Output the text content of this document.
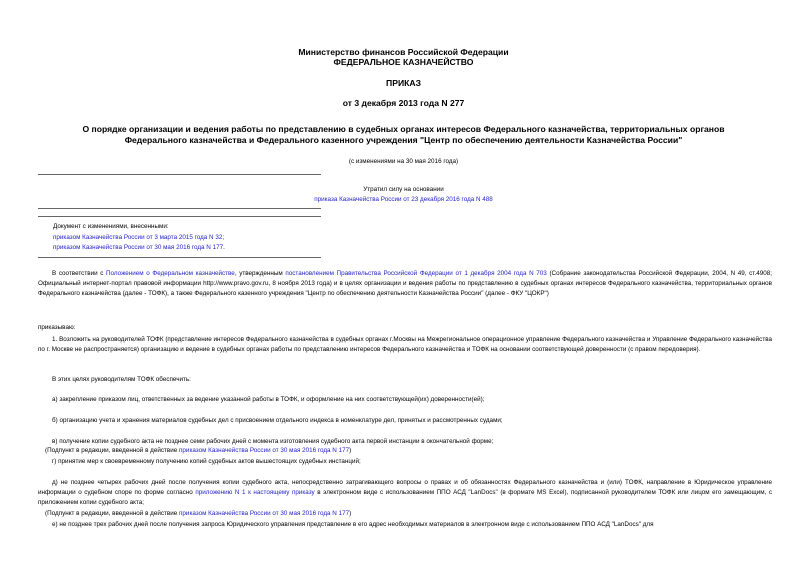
Министерство финансов Российской Федерации
ФЕДЕРАЛЬНОЕ КАЗНАЧЕЙСТВО
ПРИКАЗ
от 3 декабря 2013 года N 277
О порядке организации и ведения работы по представлению в судебных органах интересов Федерального казначейства, территориальных органов
Федерального казначейства и Федерального казенного учреждения "Центр по обеспечению деятельности Казначейства России"
(с изменениями на 30 мая 2016 года)
Утратил силу на основании
приказа Казначейства России от 23 декабря 2016 года N 488
Документ с изменениями, внесенными:
приказом Казначейства России от 3 марта 2015 года N 32;
приказом Казначейства России от 30 мая 2016 года N 177.
В соответствии с Положением о Федеральном казначействе, утвержденным постановлением Правительства Российской Федерации от 1 декабря 2004 года N 703 (Собрание законодательства Российской Федерации, 2004, N 49, ст.4908; Официальный интернет-портал правовой информации http://www.pravo.gov.ru, 8 ноября 2013 года) и в целях организации и ведения работы по представлению в судебных органах интересов Федерального казначейства, территориальных органов Федерального казначейства (далее - ТОФК), а также Федерального казенного учреждения "Центр по обеспечению деятельности Казначейства России" (далее - ФКУ "ЦОКР")
приказываю:
1. Возложить на руководителей ТОФК (представление интересов Федерального казначейства в судебных органах г.Москвы на Межрегиональное операционное управление Федерального казначейства и Управление Федерального казначейства по г. Москве не распространяется) организацию и ведение в судебных органах работы по представлению интересов Федерального казначейства и ТОФК на основании соответствующей доверенности (с правом передоверия).
В этих целях руководителям ТОФК обеспечить:
а) закрепление приказом лиц, ответственных за ведение указанной работы в ТОФК, и оформление на них соответствующей(их) доверенности(ей);
б) организацию учета и хранения материалов судебных дел с присвоением отдельного индекса в номенклатуре дел, принятых и рассмотренных судами;
в) получение копии судебного акта не позднее семи рабочих дней с момента изготовления судебного акта первой инстанции в окончательной форме;
(Подпункт в редакции, введенной в действие приказом Казначейства России от 30 мая 2016 года N 177)
г) принятие мер к своевременному получению копий судебных актов вышестоящих судебных инстанций;
д) не позднее четырех рабочих дней после получения копии судебного акта, непосредственно затрагивающего вопросы о правах и об обязанностях Федерального казначейства и (или) ТОФК, направление в Юридическое управление информации о судебном споре по форме согласно приложению N 1 к настоящему приказу в электронном виде с использованием ППО АСД "LanDocs" (в формате MS Excel), подписанной руководителем ТОФК или лицом его замещающим, с приложением копии судебного акта;
(Подпункт в редакции, введенной в действие приказом Казначейства России от 30 мая 2016 года N 177)
е) не позднее трех рабочих дней после получения запроса Юридического управления представление в его адрес необходимых материалов в электронном виде с использованием ППО АСД "LanDocs" для
